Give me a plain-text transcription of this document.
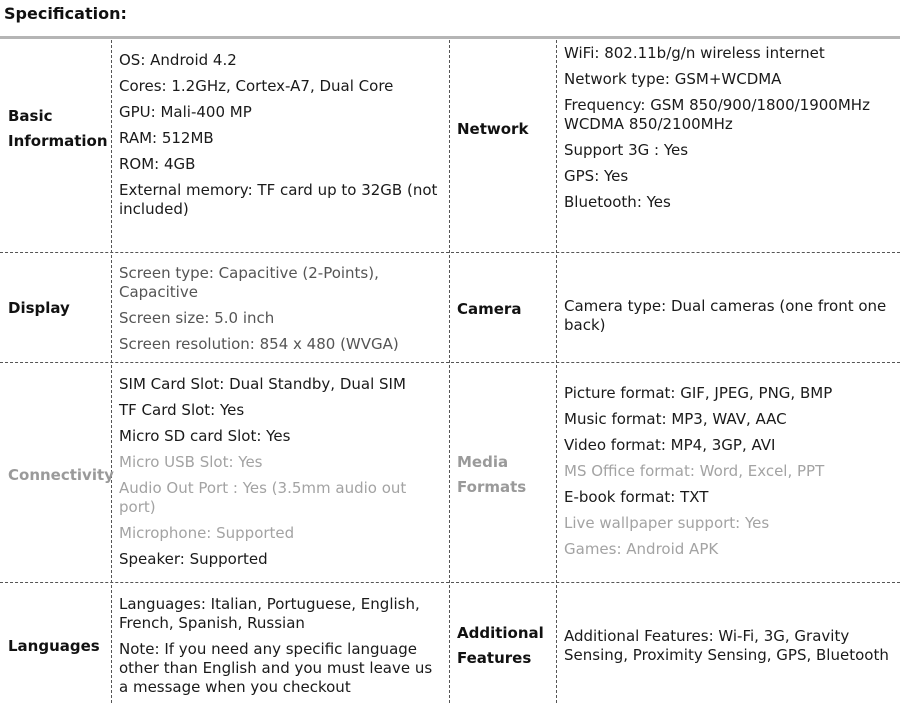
Specification:
Basic
Information
OS: Android 4.2
Cores: 1.2GHz, Cortex-A7, Dual Core
GPU: Mali-400 MP
RAM: 512MB
ROM: 4GB
External memory: TF card up to 32GB (not included)
Network
WiFi: 802.11b/g/n wireless internet
Network type: GSM+WCDMA
Frequency: GSM 850/900/1800/1900MHz WCDMA 850/2100MHz
Support 3G : Yes
GPS: Yes
Bluetooth: Yes
Display
Screen type: Capacitive (2-Points), Capacitive
Screen size: 5.0 inch
Screen resolution: 854 x 480 (WVGA)
Camera	Camera type: Dual cameras (one front one back)
Connectivity
SIM Card Slot: Dual Standby, Dual SIM
TF Card Slot: Yes
Micro SD card Slot: Yes
Micro USB Slot: Yes
Audio Out Port : Yes (3.5mm audio out port)
Microphone: Supported
Speaker: Supported
Media
Formats
Picture format: GIF, JPEG, PNG, BMP
Music format: MP3, WAV, AAC
Video format: MP4, 3GP, AVI
MS Office format: Word, Excel, PPT
E-book format: TXT
Live wallpaper support: Yes
Games: Android APK
Languages
Languages: Italian, Portuguese, English, French, Spanish, Russian
Note: If you need any specific language other than English and you must leave us a message when you checkout
Additional
Features
Additional Features: Wi-Fi, 3G, Gravity Sensing, Proximity Sensing, GPS, Bluetooth
